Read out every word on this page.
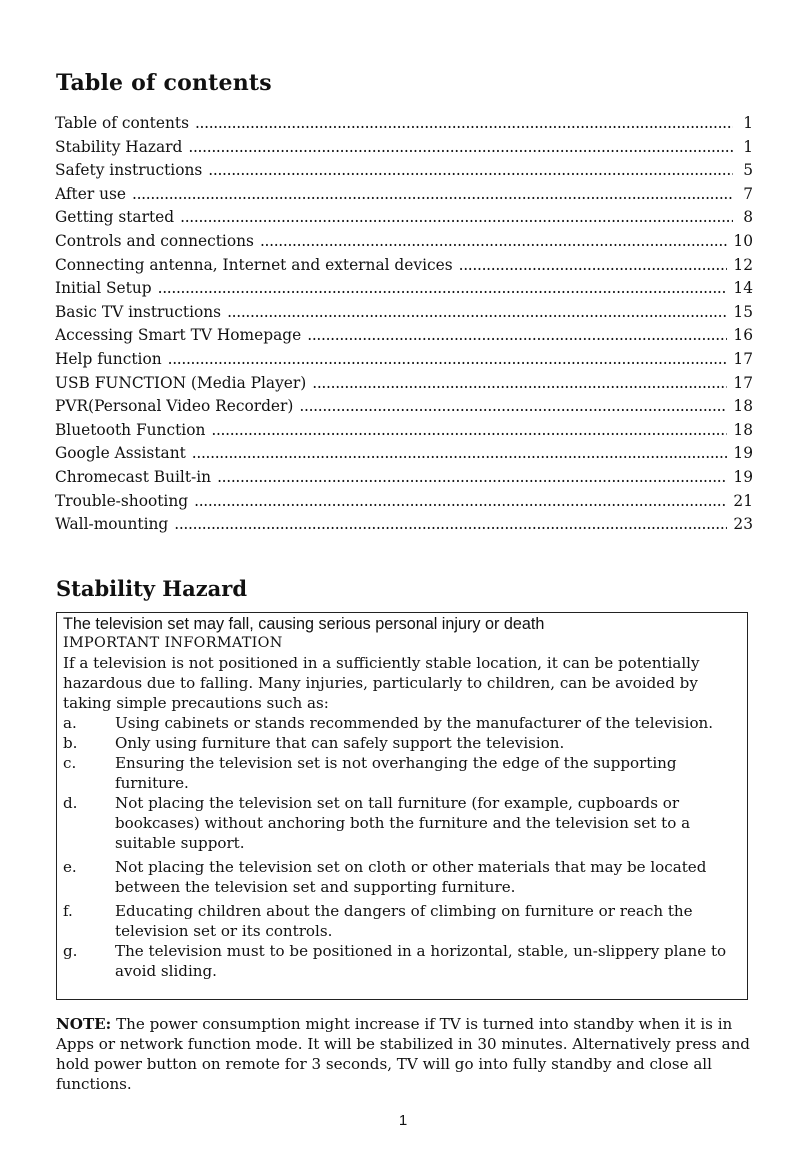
Table of contents
Table of contents . . .	1
Stability Hazard . . .	1
Safety instructions . . .	5
After use . . .	7
Getting started . . .	8
Controls and connections . . .	10
Connecting antenna, Internet and external devices . . .	12
Initial Setup . . .	14
Basic TV instructions . . .	15
Accessing Smart TV Homepage . . .	16
Help function . . .	17
USB FUNCTION (Media Player) . . .	17
PVR(Personal Video Recorder) . . .	18
Bluetooth Function . . .	18
Google Assistant . . .	19
Chromecast Built-in . . .	19
Trouble-shooting . . .	21
Wall-mounting . . .	23
Stability Hazard

The television set may fall, causing serious personal injury or death

IMPORTANT INFORMATION

If a television is not positioned in a sufficiently stable location, it can be potentially hazardous due to falling. Many injuries, particularly to children, can be avoided by taking simple precautions such as:

a.	Using cabinets or stands recommended by the manufacturer of the television.
b.	Only using furniture that can safely support the television.
c.	Ensuring the television set is not overhanging the edge of the supporting furniture.
d.	Not placing the television set on tall furniture (for example, cupboards or bookcases) without anchoring both the furniture and the television set to a suitable support.
e.	Not placing the television set on cloth or other materials that may be located between the television set and supporting furniture.
f.	Educating children about the dangers of climbing on furniture or reach the television set or its controls.
g.	The television must to be positioned in a horizontal, stable, un-slippery plane to avoid sliding.

NOTE: The power consumption might increase if TV is turned into standby when it is in Apps or network function mode. It will be stabilized in 30 minutes. Alternatively press and hold power button on remote for 3 seconds, TV will go into fully standby and close all functions.

1
